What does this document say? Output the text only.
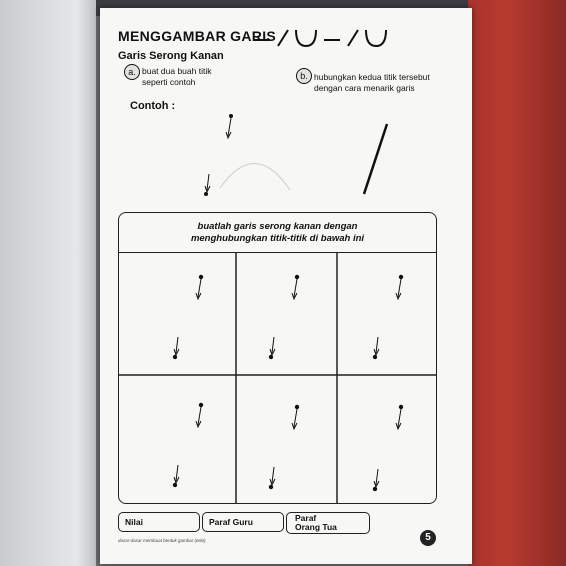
MENGGAMBAR GARIS
Garis Serong Kanan
a. buat dua buah titik
seperti contoh
b. hubungkan kedua titik tersebut
dengan cara menarik garis
Contoh :
buatlah garis serong kanan dengan
menghubungkan titik-titik di bawah ini
Nilai	Paraf Guru	Paraf
Orang Tua
dasar-dasar membuat bentuk gambar (ørlø)	5
